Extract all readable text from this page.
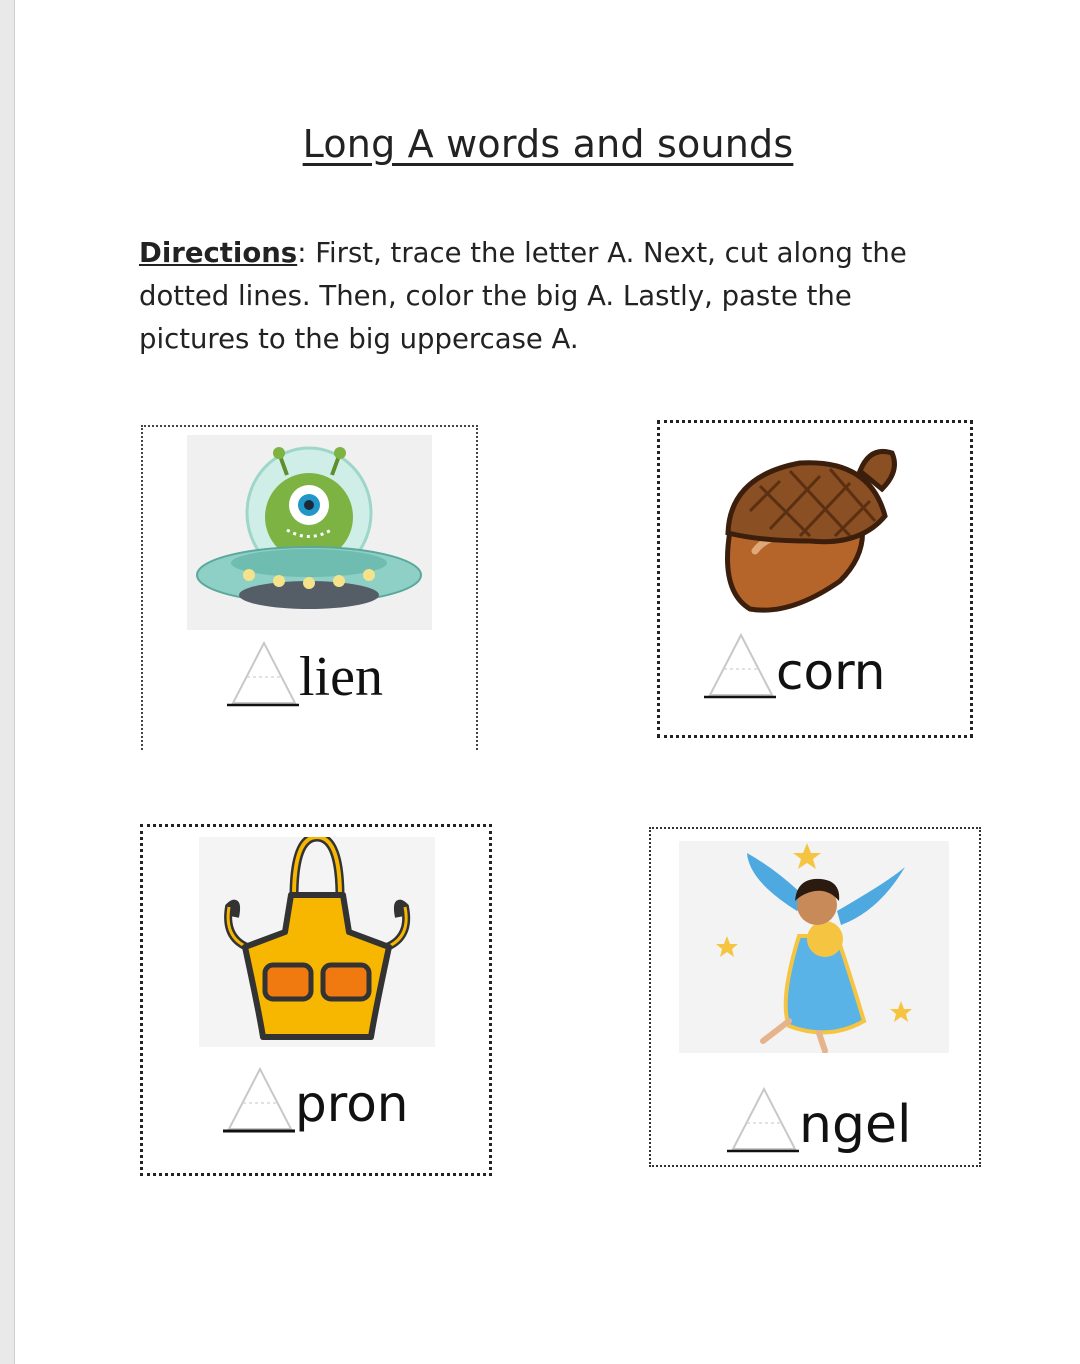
Long A words and sounds
Directions: First, trace the letter A. Next, cut along the dotted lines. Then, color the big A. Lastly, paste the pictures to the big uppercase A.
lien	corn
pron	ngel
